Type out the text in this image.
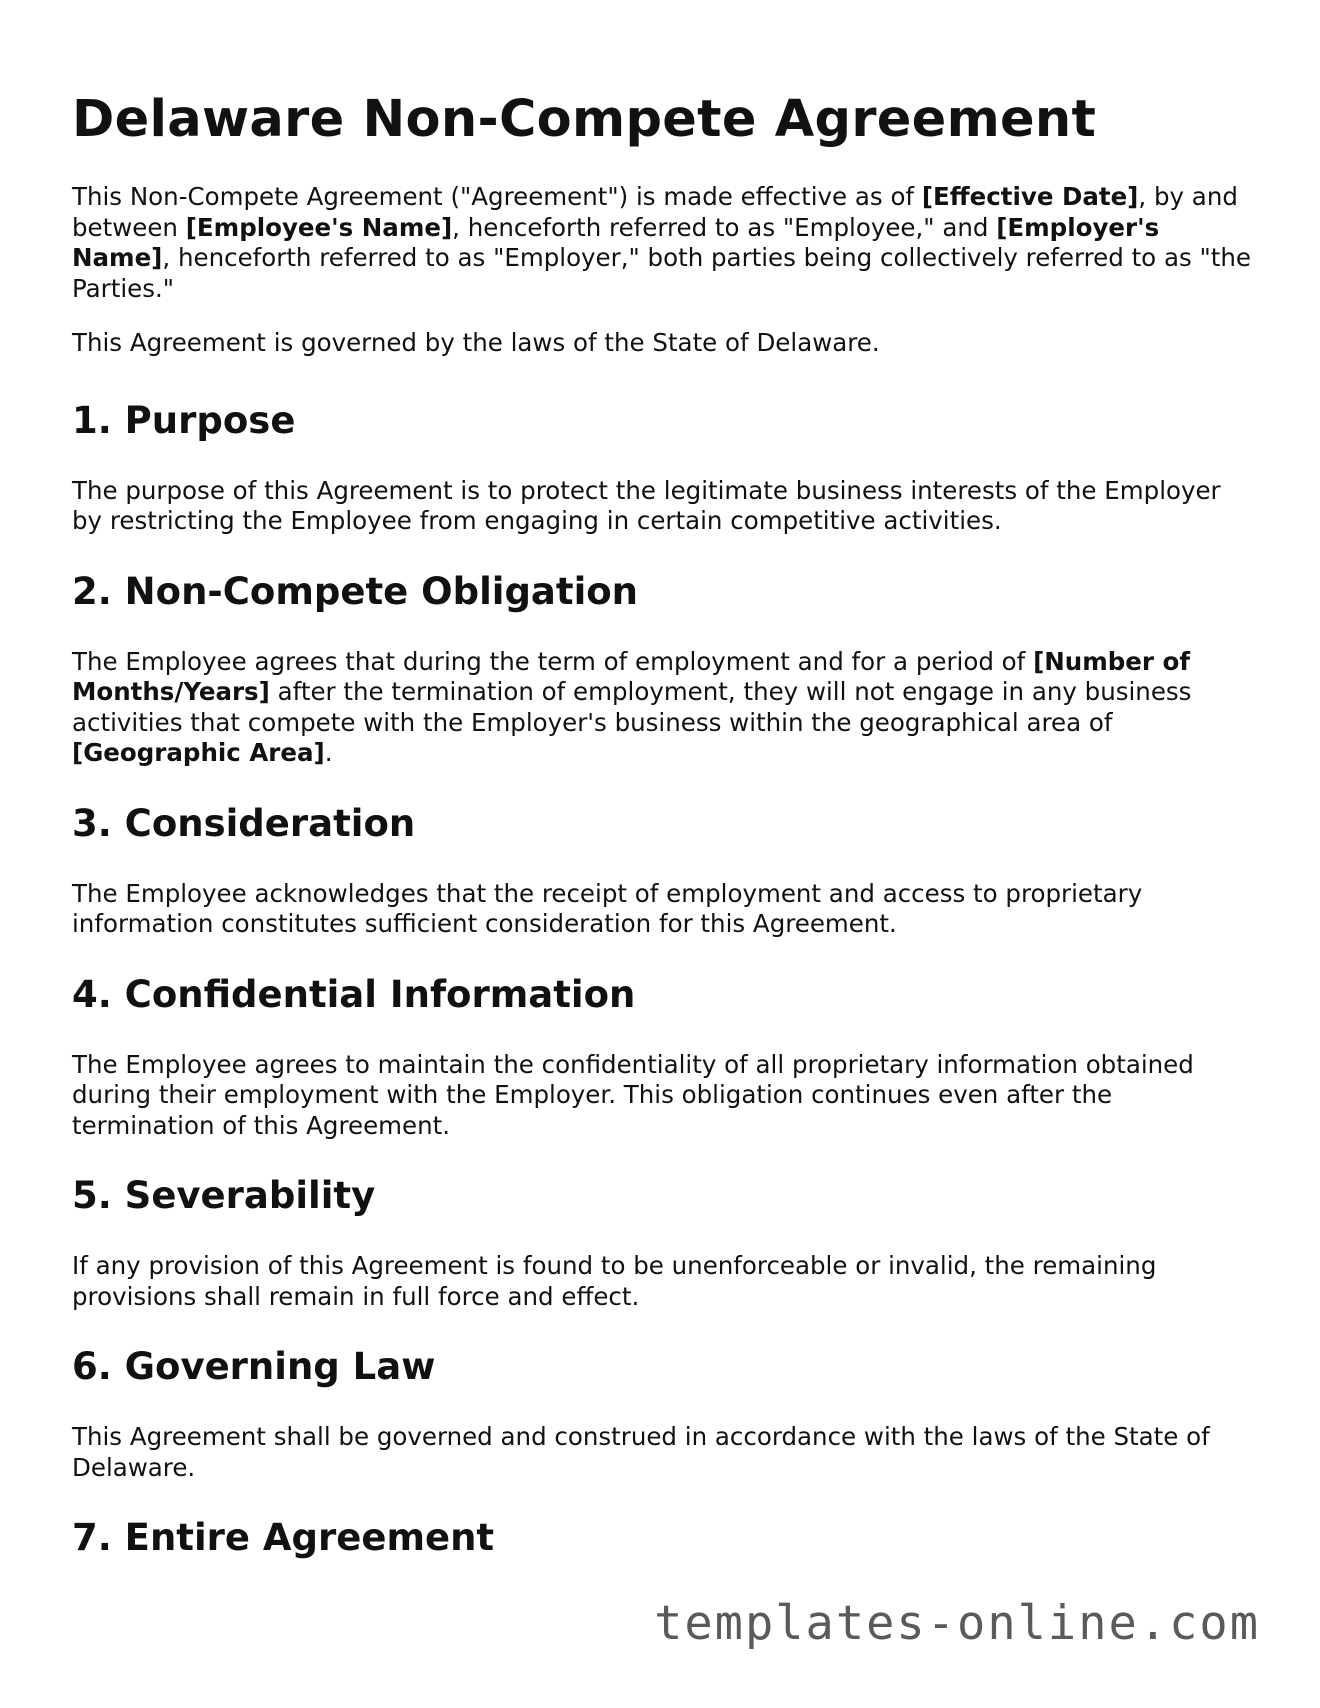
Delaware Non-Compete Agreement

This Non-Compete Agreement ("Agreement") is made effective as of [Effective Date], by and between [Employee's Name], henceforth referred to as "Employee," and [Employer's Name], henceforth referred to as "Employer," both parties being collectively referred to as "the Parties."

This Agreement is governed by the laws of the State of Delaware.

1. Purpose

The purpose of this Agreement is to protect the legitimate business interests of the Employer by restricting the Employee from engaging in certain competitive activities.

2. Non-Compete Obligation

The Employee agrees that during the term of employment and for a period of [Number of Months/Years] after the termination of employment, they will not engage in any business activities that compete with the Employer's business within the geographical area of [Geographic Area].

3. Consideration

The Employee acknowledges that the receipt of employment and access to proprietary information constitutes sufficient consideration for this Agreement.

4. Confidential Information

The Employee agrees to maintain the confidentiality of all proprietary information obtained during their employment with the Employer. This obligation continues even after the termination of this Agreement.

5. Severability

If any provision of this Agreement is found to be unenforceable or invalid, the remaining provisions shall remain in full force and effect.

6. Governing Law

This Agreement shall be governed and construed in accordance with the laws of the State of Delaware.

7. Entire Agreement
templates-online.com
